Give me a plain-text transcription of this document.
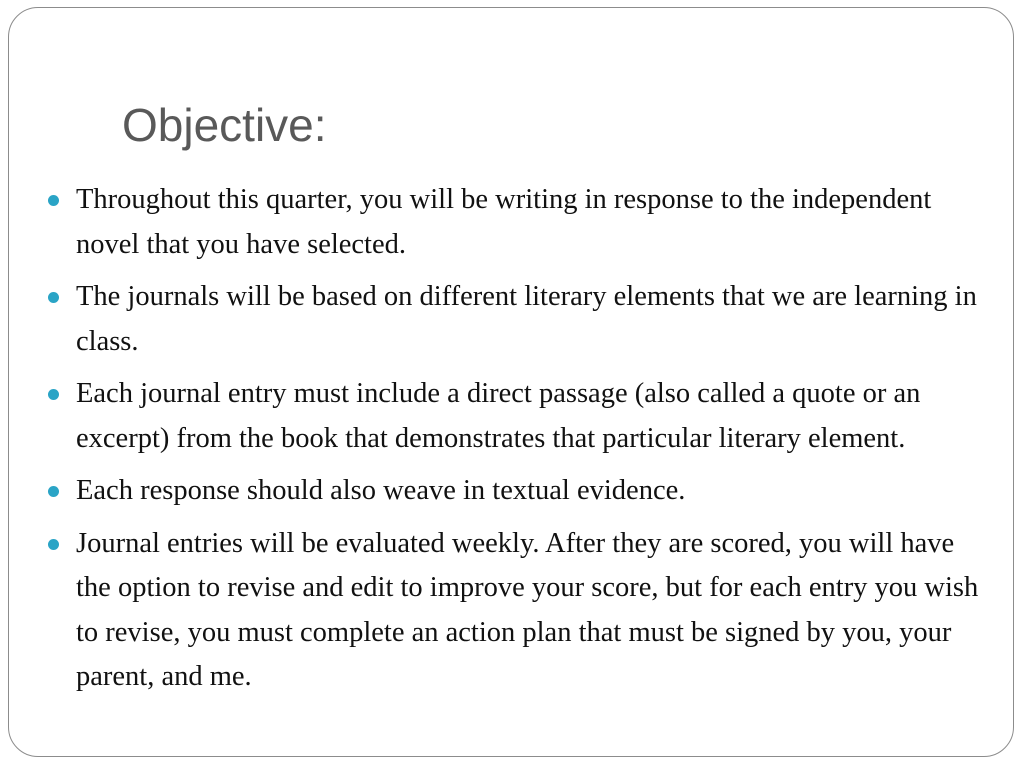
Objective:
Throughout this quarter, you will be writing in response to the independent novel that you have selected.
The journals will be based on different literary elements that we are learning in class.
Each journal entry must include a direct passage (also called a quote or an excerpt) from the book that demonstrates that particular literary element.
Each response should also weave in textual evidence.
Journal entries will be evaluated weekly. After they are scored, you will have the option to revise and edit to improve your score, but for each entry you wish to revise, you must complete an action plan that must be signed by you, your parent, and me.
